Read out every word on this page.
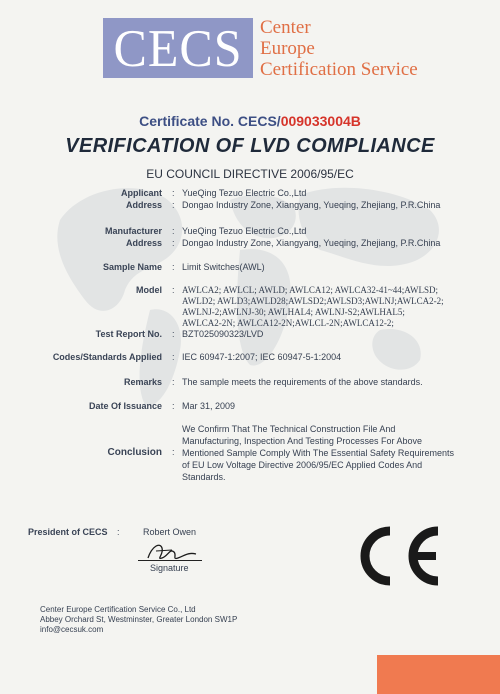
CECS Center
Europe
Certification Service
Certificate No. CECS/009033004B
VERIFICATION OF LVD COMPLIANCE
EU COUNCIL DIRECTIVE 2006/95/EC
Applicant : YueQing Tezuo Electric Co.,Ltd
Address : Dongao Industry Zone, Xiangyang, Yueqing, Zhejiang, P.R.China
Manufacturer : YueQing Tezuo Electric Co.,Ltd
Address : Dongao Industry Zone, Xiangyang, Yueqing, Zhejiang, P.R.China
Sample Name : Limit Switches(AWL)
Model : AWLCA2; AWLCL; AWLD; AWLCA12; AWLCA32-41~44;AWLSD;
AWLD2; AWLD3;AWLD28;AWLSD2;AWLSD3;AWLNJ;AWLCA2-2;
AWLNJ-2;AWLNJ-30; AWLHAL4; AWLNJ-S2;AWLHAL5;
AWLCA2-2N; AWLCA12-2N;AWLCL-2N;AWLCA12-2;
Test Report No. : BZT025090323/LVD
Codes/Standards Applied : IEC 60947-1:2007; IEC 60947-5-1:2004
Remarks : The sample meets the requirements of the above standards.
Date Of Issuance : Mar 31, 2009
Conclusion :
We Confirm That The Technical Construction File And
Manufacturing, Inspection And Testing Processes For Above
Mentioned Sample Comply With The Essential Safety Requirements
of EU Low Voltage Directive 2006/95/EC Applied Codes And
Standards.
President of CECS :	Robert Owen
Signature
Center Europe Certification Service Co., Ltd
Abbey Orchard St, Westminster, Greater London SW1P
info@cecsuk.com
